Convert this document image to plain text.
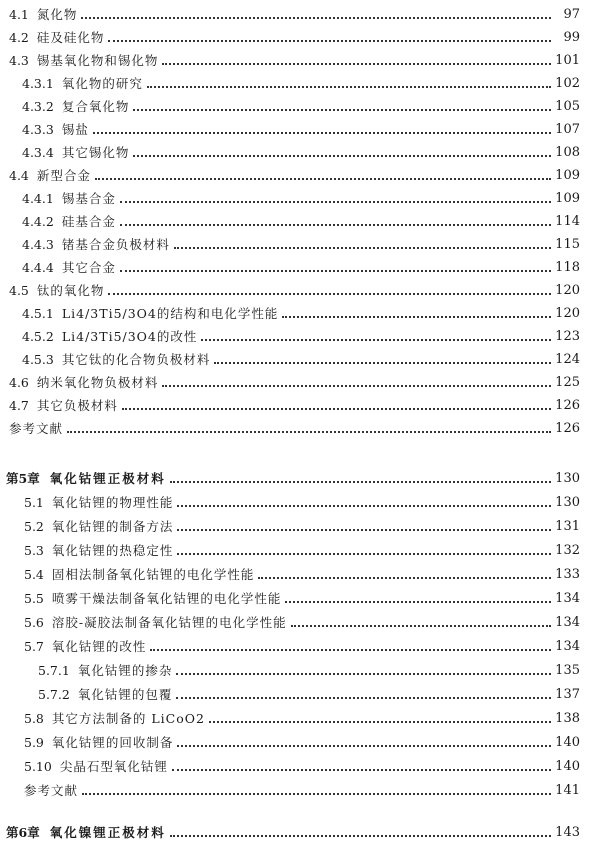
4.1 氮化物	97
4.2 硅及硅化物	99
4.3 锡基氧化物和锡化物	101
4.3.1 氧化物的研究	102
4.3.2 复合氧化物	105
4.3.3 锡盐	107
4.3.4 其它锡化物	108
4.4 新型合金	109
4.4.1 锡基合金	109
4.4.2 硅基合金	114
4.4.3 锗基合金负极材料	115
4.4.4 其它合金	118
4.5 钛的氧化物	120
4.5.1 Li4/3Ti5/3O4的结构和电化学性能	120
4.5.2 Li4/3Ti5/3O4的改性	123
4.5.3 其它钛的化合物负极材料	124
4.6 纳米氧化物负极材料	125
4.7 其它负极材料	126
参考文献	126
第5章 氧化钴锂正极材料	130
5.1 氧化钴锂的物理性能	130
5.2 氧化钴锂的制备方法	131
5.3 氧化钴锂的热稳定性	132
5.4 固相法制备氧化钴锂的电化学性能	133
5.5 喷雾干燥法制备氧化钴锂的电化学性能	134
5.6 溶胶-凝胶法制备氧化钴锂的电化学性能	134
5.7 氧化钴锂的改性	134
5.7.1 氧化钴锂的掺杂	135
5.7.2 氧化钴锂的包覆	137
5.8 其它方法制备的 LiCoO2	138
5.9 氧化钴锂的回收制备	140
5.10 尖晶石型氧化钴锂	140
参考文献	141
第6章 氧化镍锂正极材料	143
